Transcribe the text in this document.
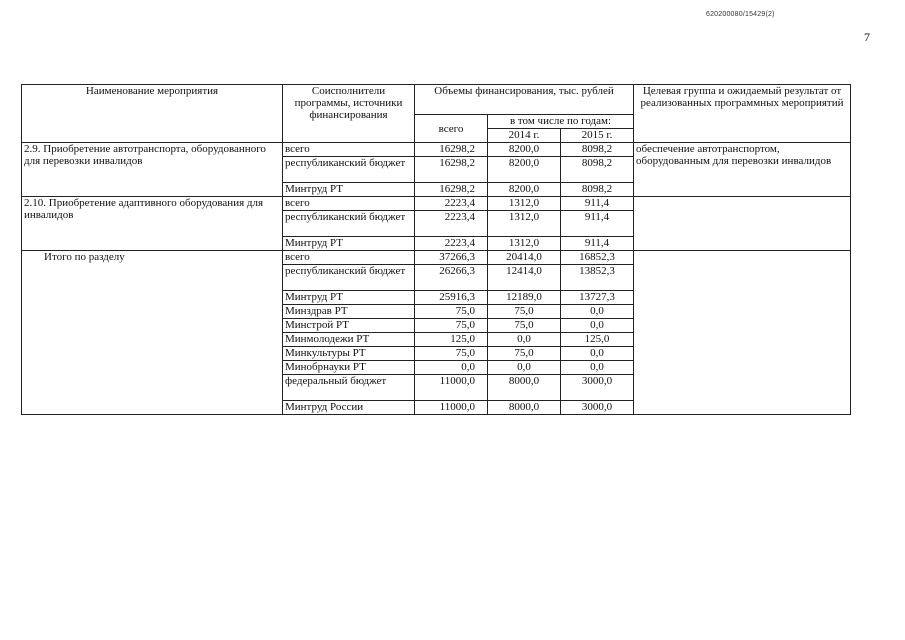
620200080/15429(2)
7
Наименование мероприятия	Соисполнители программы, источники финансирования	Объемы финансирования, тыс. рублей			Целевая группа и ожидаемый результат от реализованных программных мероприятий
		всего	в том числе по годам:		
			2014 г.	2015 г.	
2.9. Приобретение автотранспорта, оборудованного для перевозки инвалидов	всего	16298,2	8200,0	8098,2	обеспечение автотранспортом, оборудованным для перевозки инвалидов
	республиканский бюджет	16298,2	8200,0	8098,2	
	Минтруд РТ	16298,2	8200,0	8098,2	
2.10. Приобретение адаптивного оборудования для инвалидов	всего	2223,4	1312,0	911,4	
	республиканский бюджет	2223,4	1312,0	911,4	
	Минтруд РТ	2223,4	1312,0	911,4	
Итого по разделу	всего	37266,3	20414,0	16852,3	
	республиканский бюджет	26266,3	12414,0	13852,3	
	Минтруд РТ	25916,3	12189,0	13727,3	
	Минздрав РТ	75,0	75,0	0,0	
	Минстрой РТ	75,0	75,0	0,0	
	Минмолодежи РТ	125,0	0,0	125,0	
	Минкультуры РТ	75,0	75,0	0,0	
	Минобрнауки РТ	0,0	0,0	0,0	
	федеральный бюджет	11000,0	8000,0	3000,0	
	Минтруд России	11000,0	8000,0	3000,0	
